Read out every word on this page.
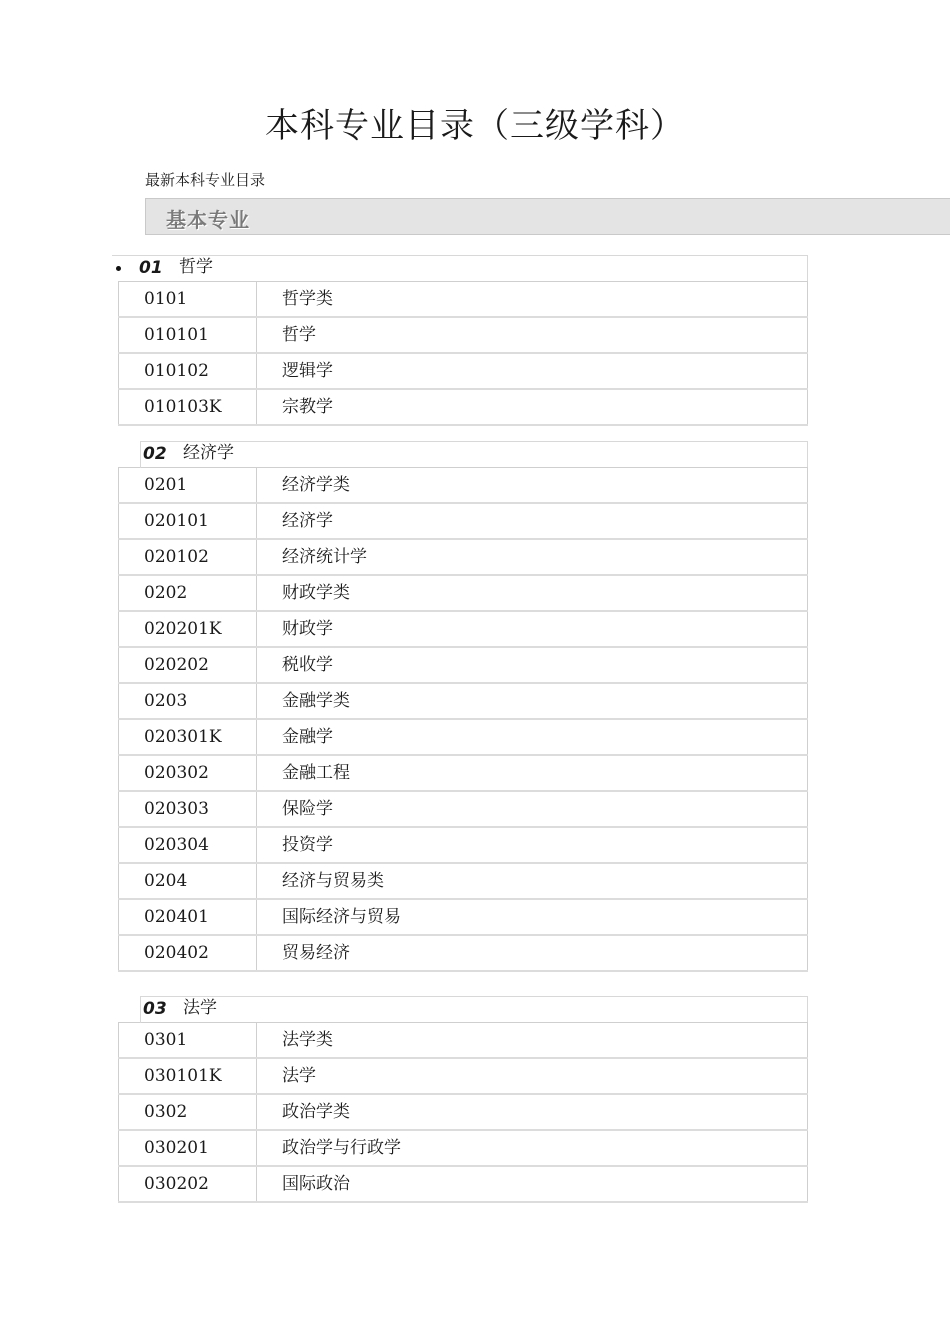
本科专业目录（三级学科）
最新本科专业目录
基本专业
01 哲学
0101	哲学类
010101	哲学
010102	逻辑学
010103K	宗教学
02 经济学
0201	经济学类
020101	经济学
020102	经济统计学
0202	财政学类
020201K	财政学
020202	税收学
0203	金融学类
020301K	金融学
020302	金融工程
020303	保险学
020304	投资学
0204	经济与贸易类
020401	国际经济与贸易
020402	贸易经济
03 法学
0301	法学类
030101K	法学
0302	政治学类
030201	政治学与行政学
030202	国际政治
